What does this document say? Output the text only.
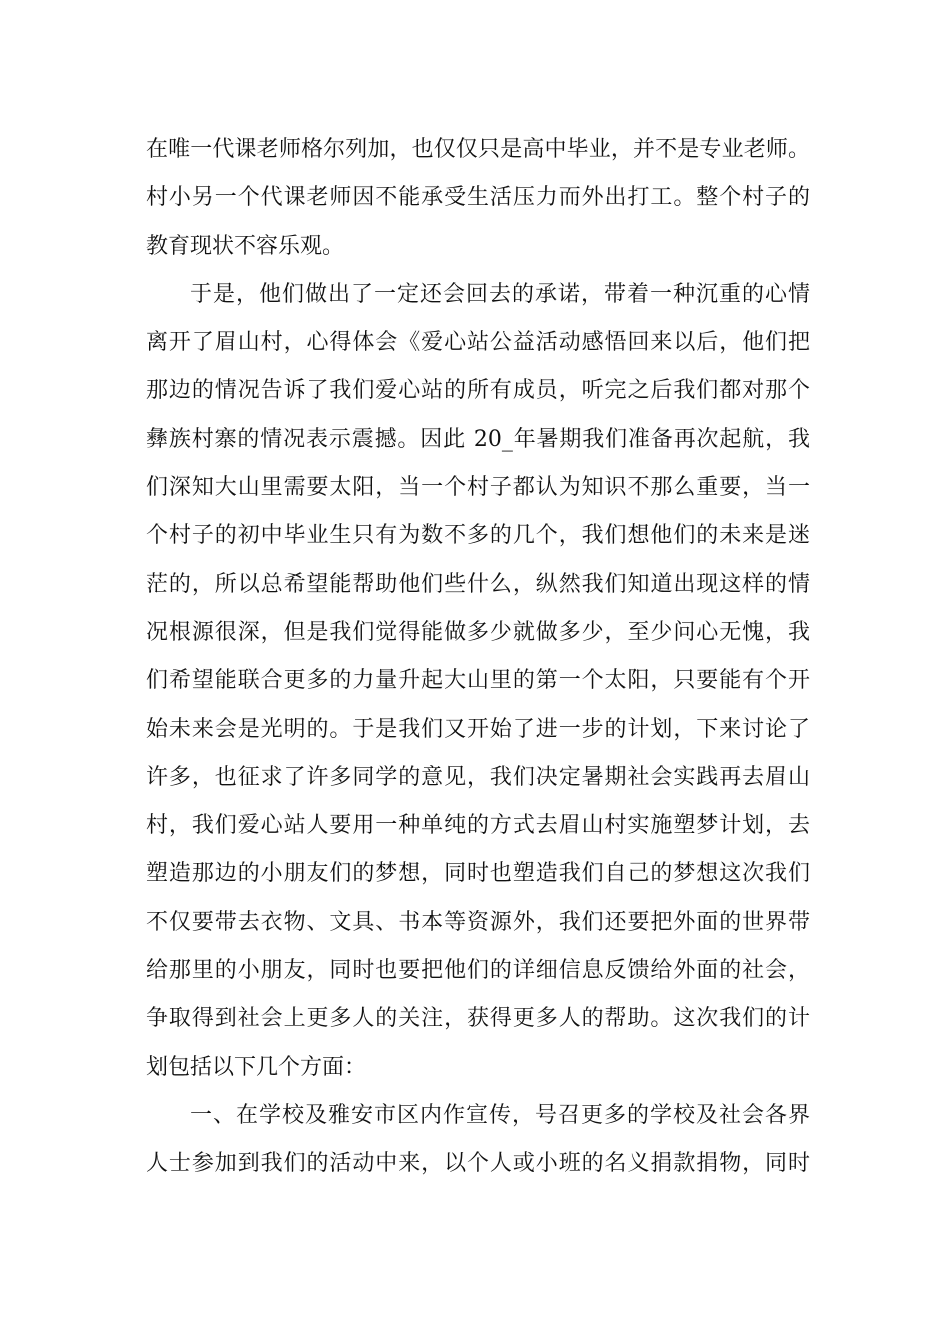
在唯一代课老师格尔列加，也仅仅只是高中毕业，并不是专业老师。
村小另一个代课老师因不能承受生活压力而外出打工。整个村子的
教育现状不容乐观。
于是，他们做出了一定还会回去的承诺，带着一种沉重的心情
离开了眉山村，心得体会《爱心站公益活动感悟回来以后，他们把
那边的情况告诉了我们爱心站的所有成员，听完之后我们都对那个
彝族村寨的情况表示震撼。因此 20_年暑期我们准备再次起航，我
们深知大山里需要太阳，当一个村子都认为知识不那么重要，当一
个村子的初中毕业生只有为数不多的几个，我们想他们的未来是迷
茫的，所以总希望能帮助他们些什么，纵然我们知道出现这样的情
况根源很深，但是我们觉得能做多少就做多少，至少问心无愧，我
们希望能联合更多的力量升起大山里的第一个太阳，只要能有个开
始未来会是光明的。于是我们又开始了进一步的计划，下来讨论了
许多，也征求了许多同学的意见，我们决定暑期社会实践再去眉山
村，我们爱心站人要用一种单纯的方式去眉山村实施塑梦计划，去
塑造那边的小朋友们的梦想，同时也塑造我们自己的梦想这次我们
不仅要带去衣物、文具、书本等资源外，我们还要把外面的世界带
给那里的小朋友，同时也要把他们的详细信息反馈给外面的社会，
争取得到社会上更多人的关注，获得更多人的帮助。这次我们的计
划包括以下几个方面：
一、在学校及雅安市区内作宣传，号召更多的学校及社会各界
人士参加到我们的活动中来，以个人或小班的名义捐款捐物，同时
